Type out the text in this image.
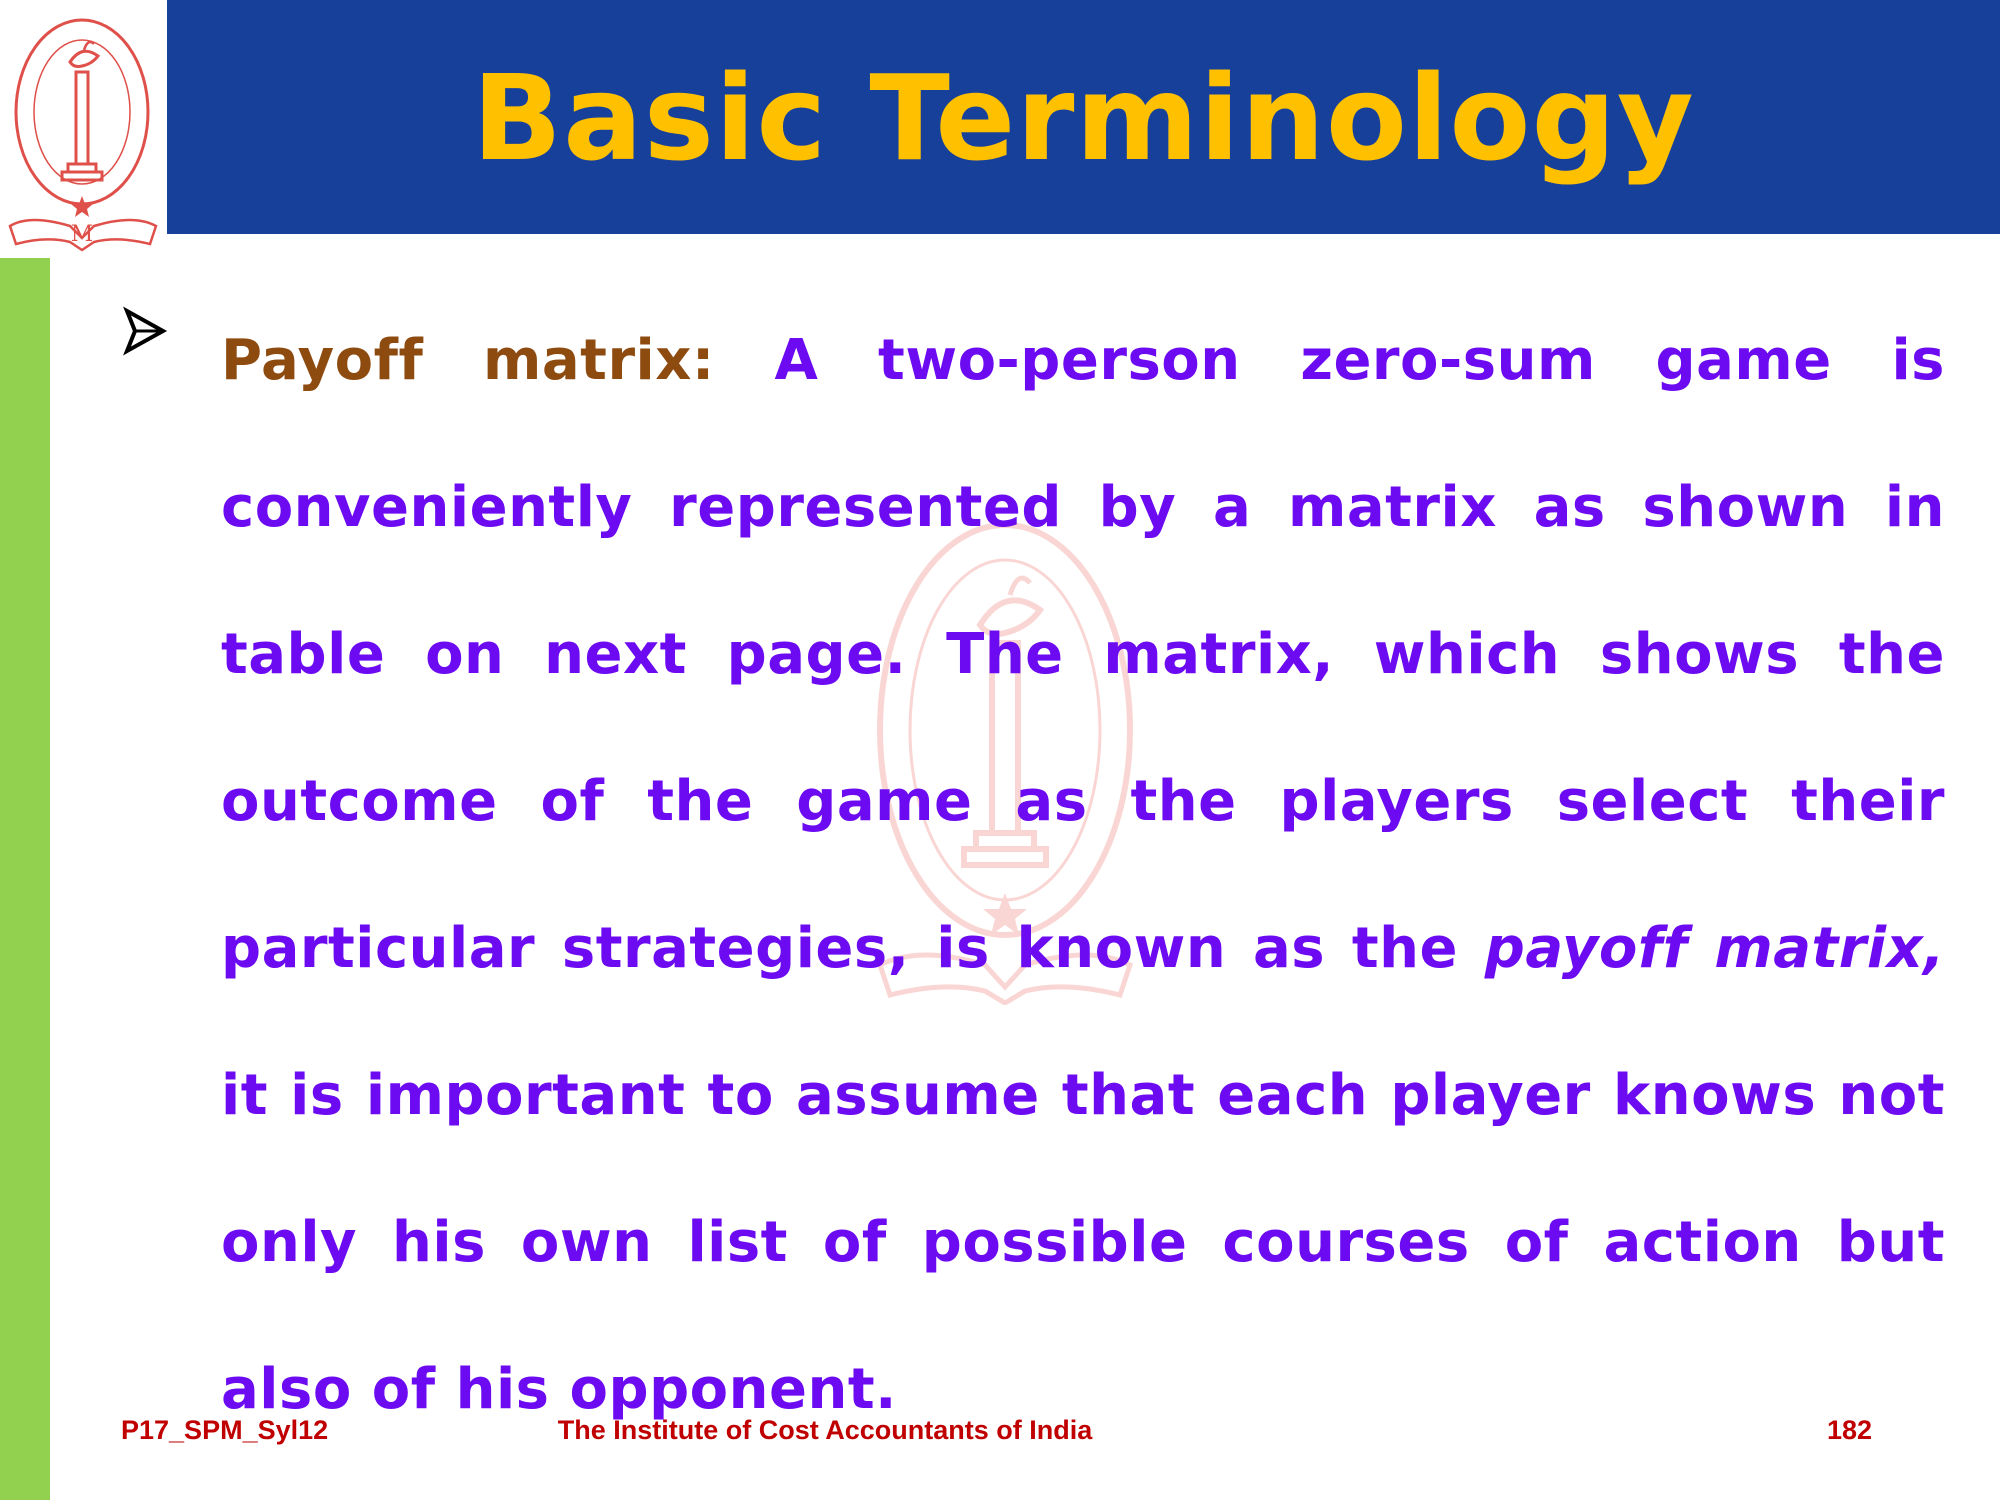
M
Basic Terminology

Payoff matrix: A two-person zero-sum game is conveniently represented by a matrix as shown in table on next page. The matrix, which shows the outcome of the game as the players select their particular strategies, is known as the payoff matrix, it is important to assume that each player knows not only his own list of possible courses of action but also of his opponent.

P17_SPM_Syl12	The Institute of Cost Accountants of India	182
